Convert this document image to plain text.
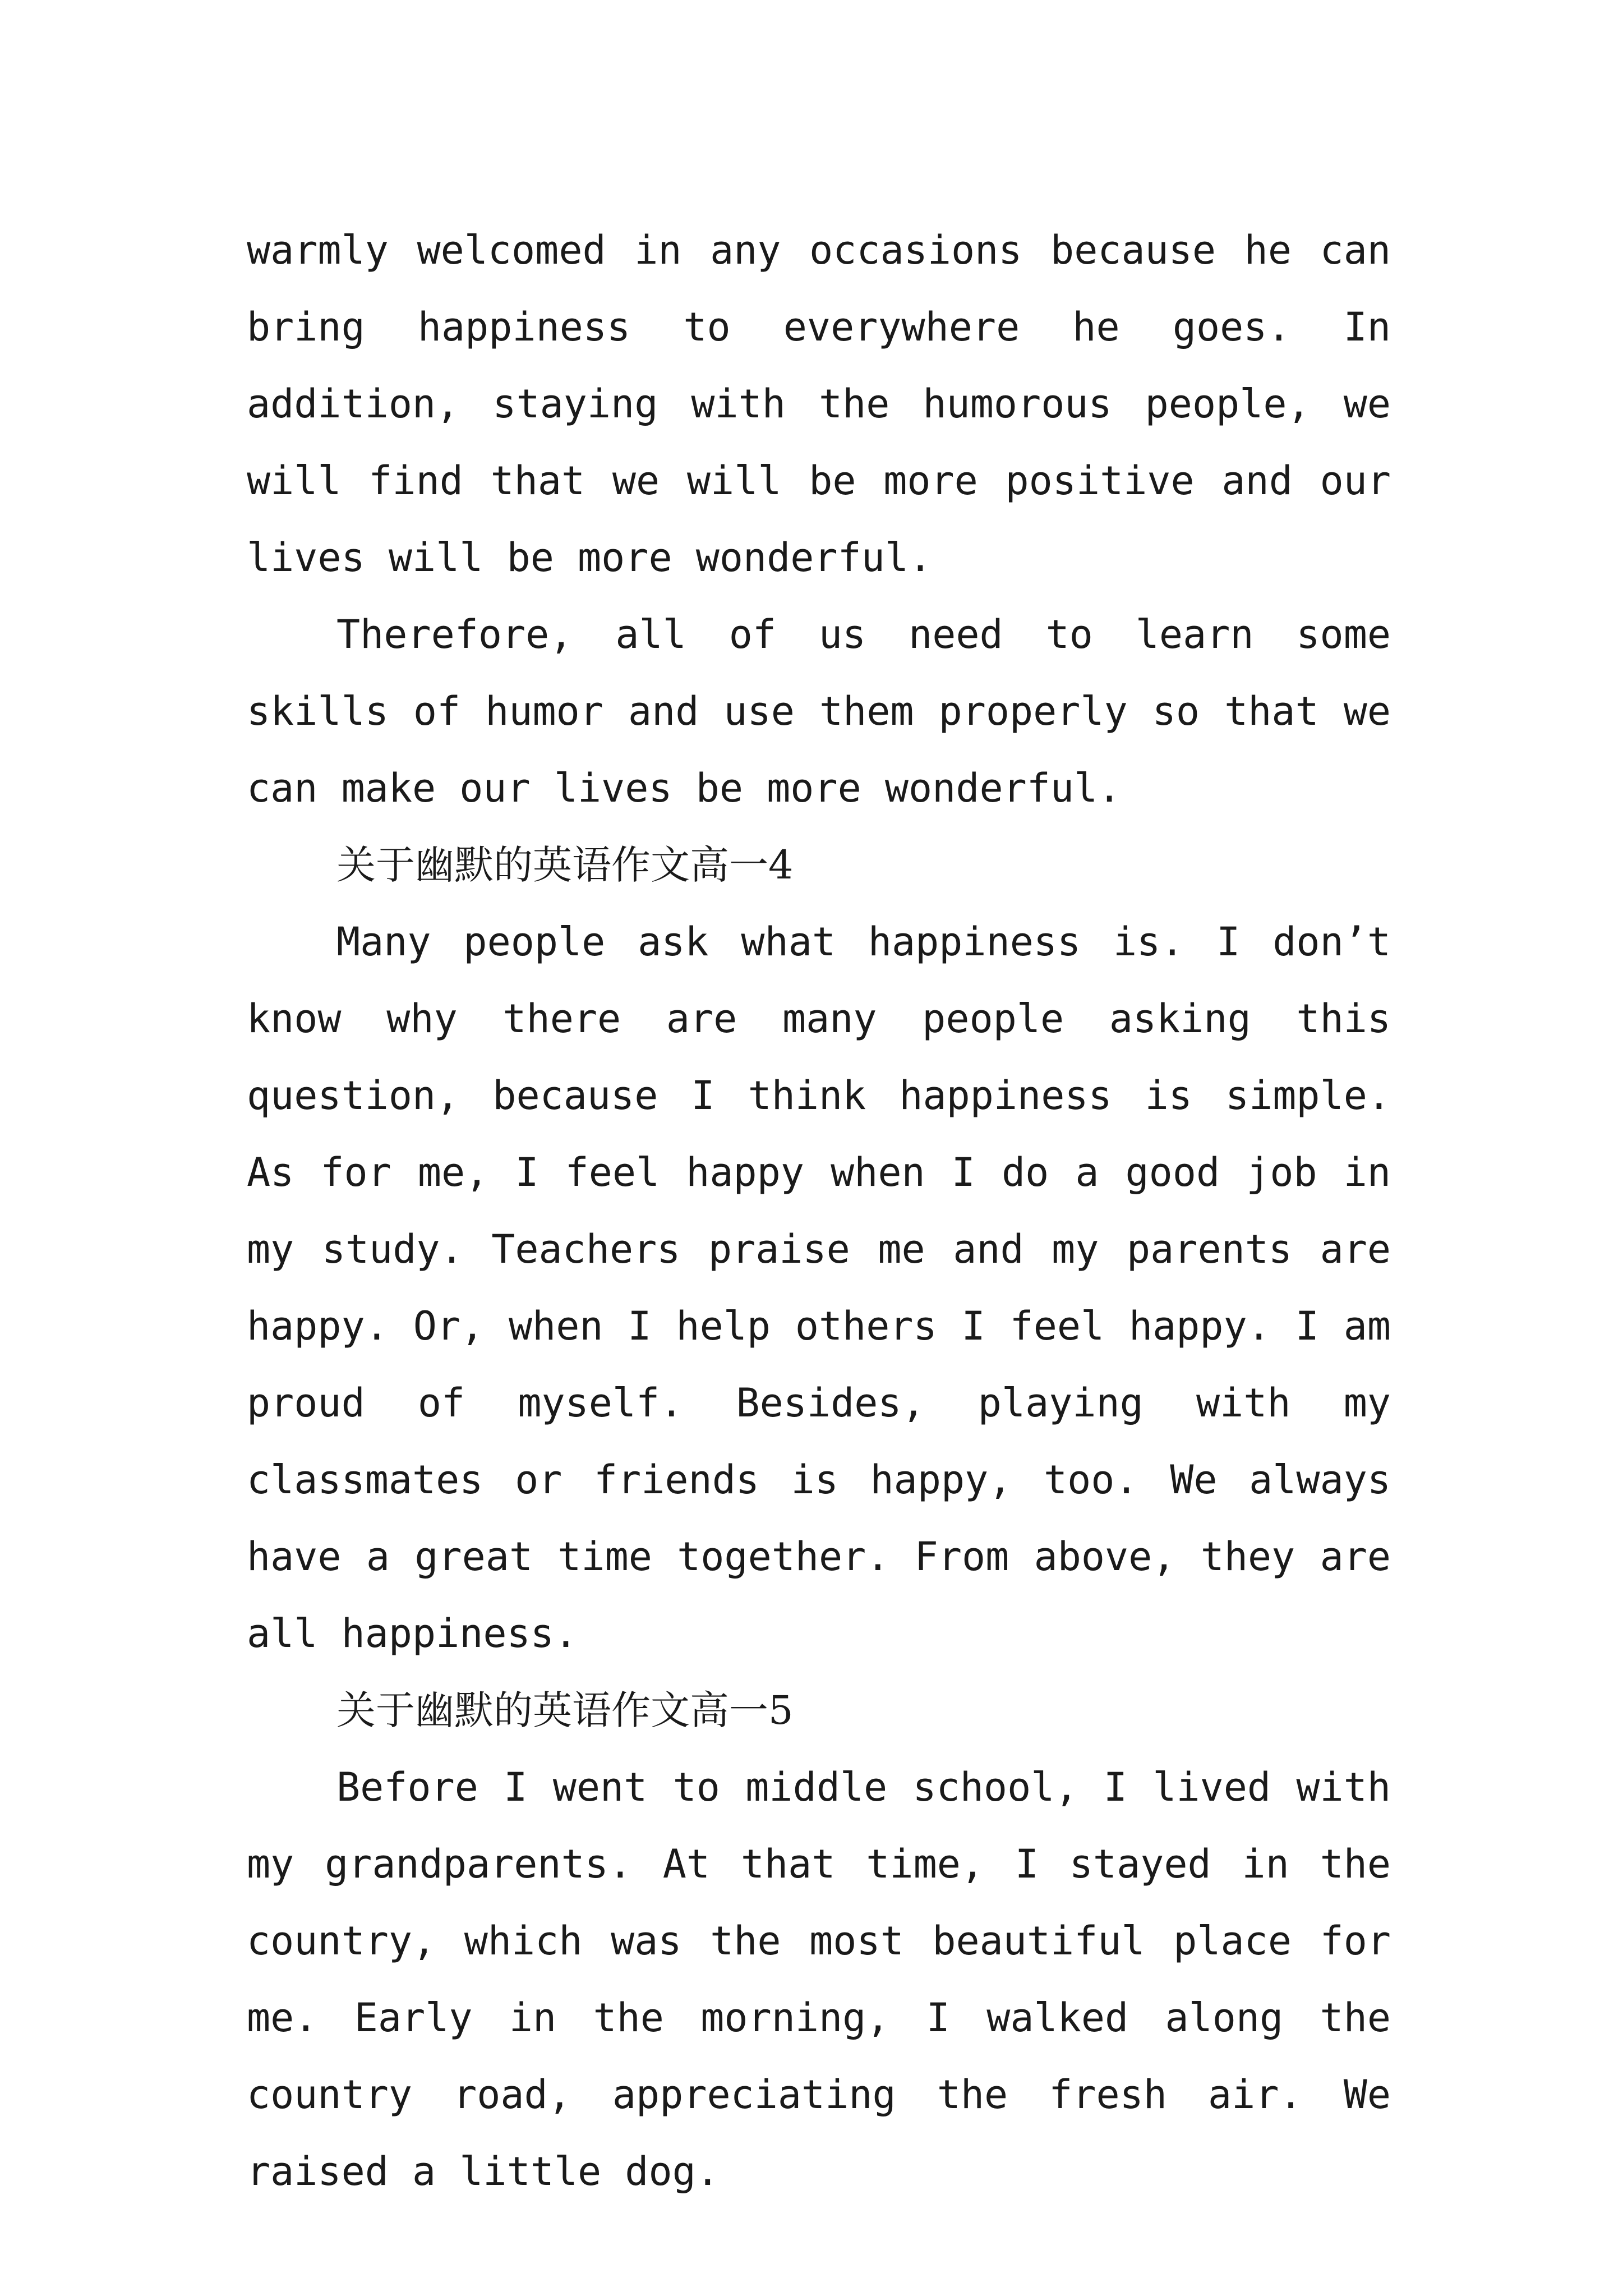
warmly welcomed in any occasions because he can bring happiness to everywhere he goes. In addition, staying with the humorous people, we will find that we will be more positive and our lives will be more wonderful.

Therefore, all of us need to learn some skills of humor and use them properly so that we can make our lives be more wonderful.

关于幽默的英语作文高一4

Many people ask what happiness is. I don’t know why there are many people asking this question, because I think happiness is simple. As for me, I feel happy when I do a good job in my study. Teachers praise me and my parents are happy. Or, when I help others I feel happy. I am proud of myself. Besides, playing with my classmates or friends is happy, too. We always have a great time together. From above, they are all happiness.

关于幽默的英语作文高一5

Before I went to middle school, I lived with my grandparents. At that time, I stayed in the country, which was the most beautiful place for me. Early in the morning, I walked along the country road, appreciating the fresh air. We raised a little dog.
